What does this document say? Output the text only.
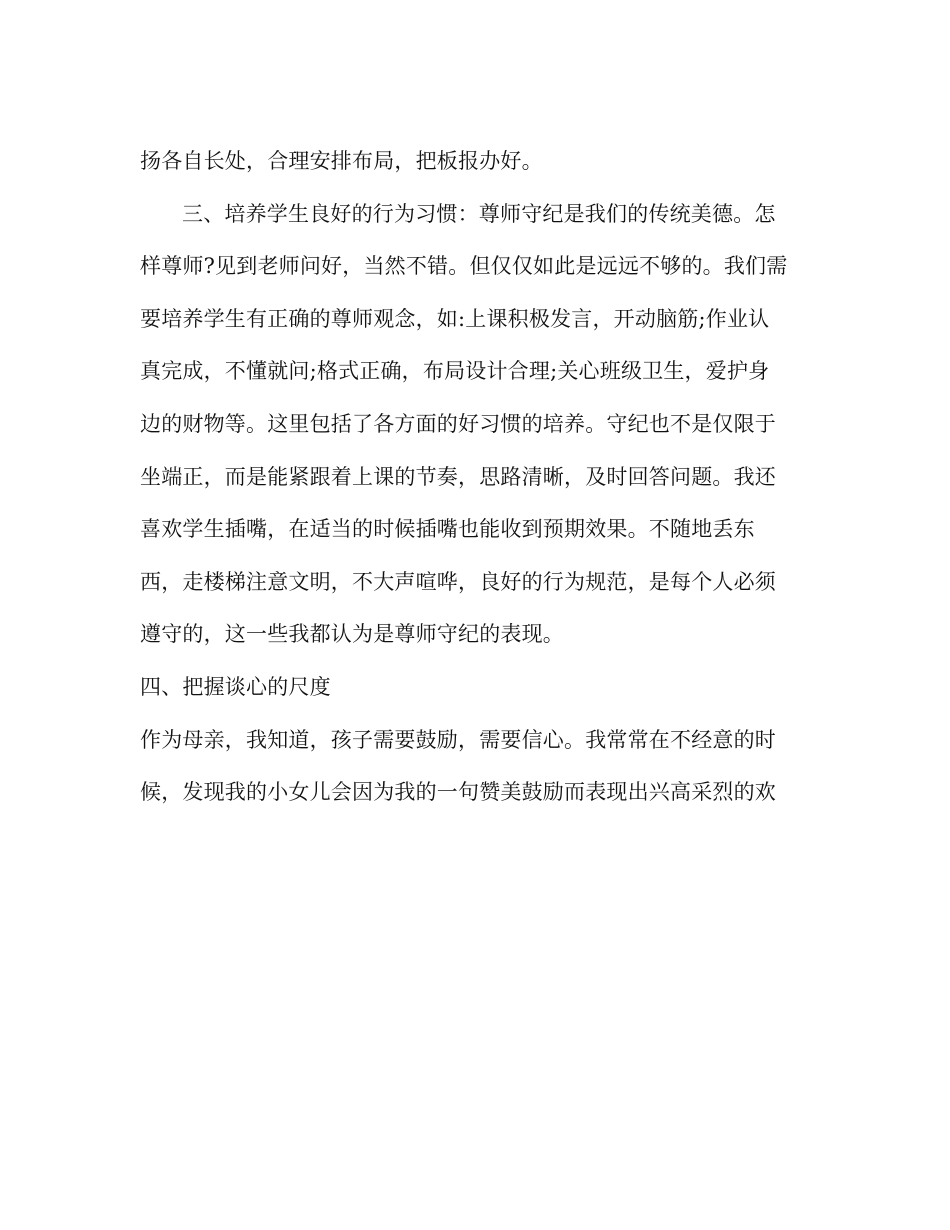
扬各自长处，合理安排布局，把板报办好。
三、培养学生良好的行为习惯：尊师守纪是我们的传统美德。怎
样尊师?见到老师问好，当然不错。但仅仅如此是远远不够的。我们需
要培养学生有正确的尊师观念，如:上课积极发言，开动脑筋;作业认
真完成，不懂就问;格式正确，布局设计合理;关心班级卫生，爱护身
边的财物等。这里包括了各方面的好习惯的培养。守纪也不是仅限于
坐端正，而是能紧跟着上课的节奏，思路清晰，及时回答问题。我还
喜欢学生插嘴，在适当的时候插嘴也能收到预期效果。不随地丢东
西，走楼梯注意文明，不大声喧哗，良好的行为规范，是每个人必须
遵守的，这一些我都认为是尊师守纪的表现。
四、把握谈心的尺度
作为母亲，我知道，孩子需要鼓励，需要信心。我常常在不经意的时
候，发现我的小女儿会因为我的一句赞美鼓励而表现出兴高采烈的欢
